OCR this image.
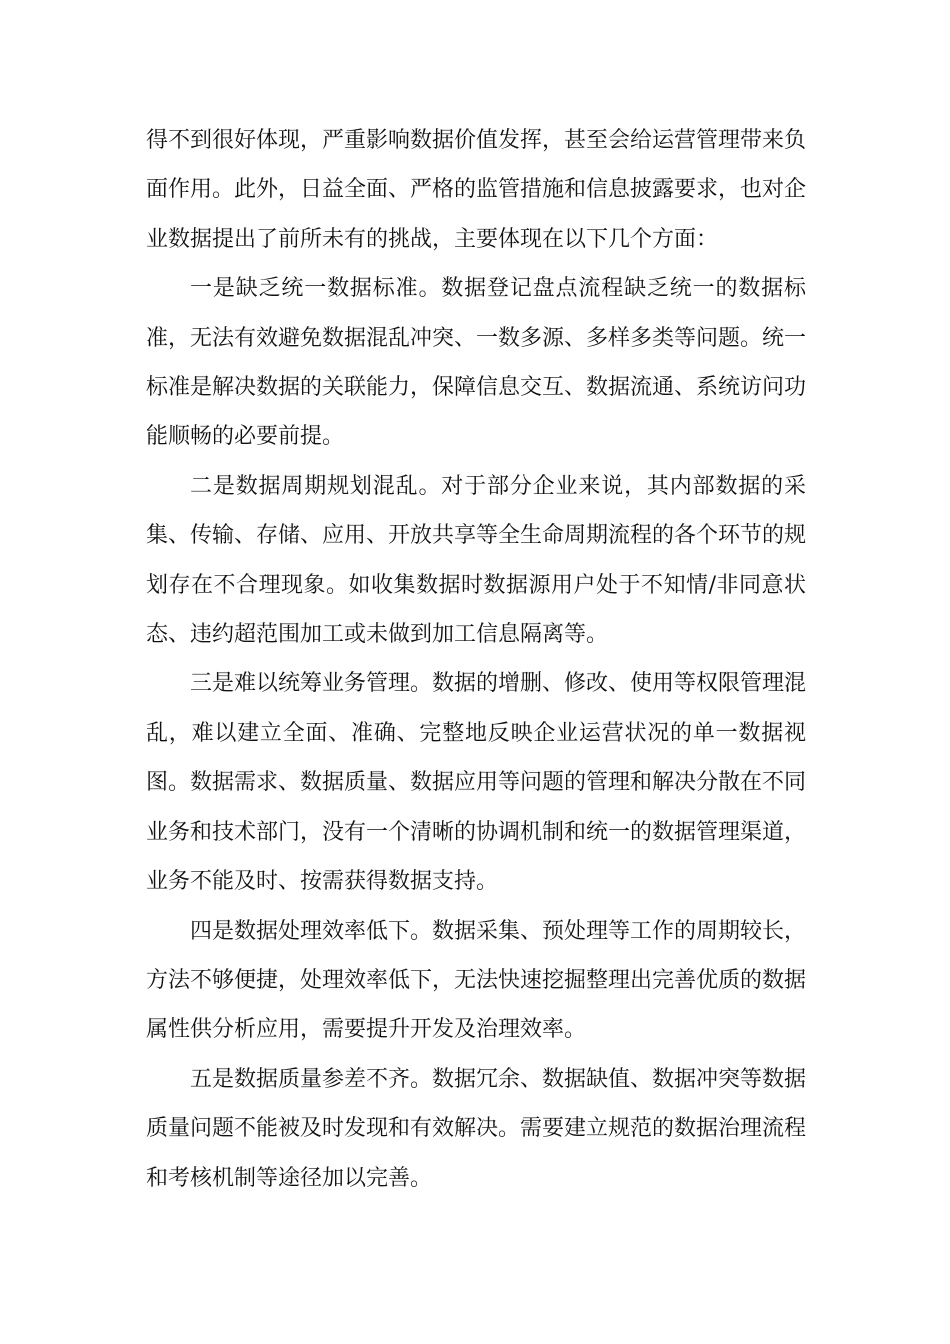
得不到很好体现，严重影响数据价值发挥，甚至会给运营管理带来负面作用。此外，日益全面、严格的监管措施和信息披露要求，也对企业数据提出了前所未有的挑战，主要体现在以下几个方面：

一是缺乏统一数据标准。数据登记盘点流程缺乏统一的数据标准，无法有效避免数据混乱冲突、一数多源、多样多类等问题。统一标准是解决数据的关联能力，保障信息交互、数据流通、系统访问功能顺畅的必要前提。

二是数据周期规划混乱。对于部分企业来说，其内部数据的采集、传输、存储、应用、开放共享等全生命周期流程的各个环节的规划存在不合理现象。如收集数据时数据源用户处于不知情/非同意状态、违约超范围加工或未做到加工信息隔离等。

三是难以统筹业务管理。数据的增删、修改、使用等权限管理混乱，难以建立全面、准确、完整地反映企业运营状况的单一数据视图。数据需求、数据质量、数据应用等问题的管理和解决分散在不同业务和技术部门，没有一个清晰的协调机制和统一的数据管理渠道，业务不能及时、按需获得数据支持。

四是数据处理效率低下。数据采集、预处理等工作的周期较长，方法不够便捷，处理效率低下，无法快速挖掘整理出完善优质的数据属性供分析应用，需要提升开发及治理效率。

五是数据质量参差不齐。数据冗余、数据缺值、数据冲突等数据质量问题不能被及时发现和有效解决。需要建立规范的数据治理流程和考核机制等途径加以完善。
